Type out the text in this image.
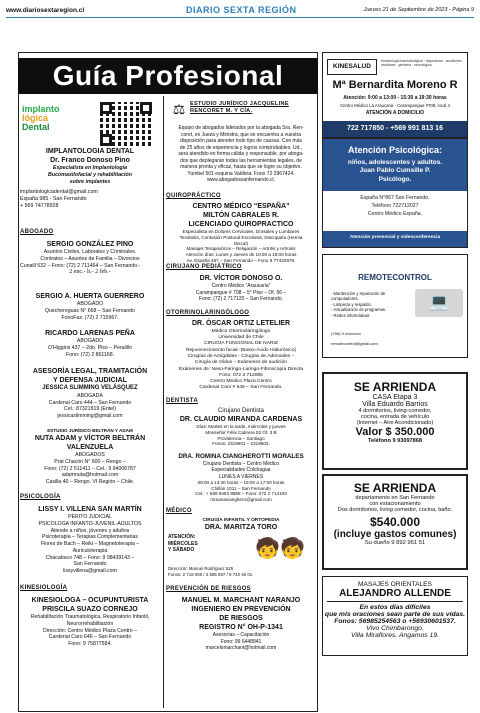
www.diariosextaregion.cl	DIARIO SEXTA REGIÓN	Jueves 21 de Septiembre de 2023 - Página 9
Guía Profesional
implanto
lógica
Dental
IMPLANTOLOGIA DENTAL
Dr. Franco Donoso Pino
Especialista en Implantología
Bucomaxilofacial y rehabilitación
sobre implantes
implantologicadental@gmail.com
España 985 - San Fernando
+ 569 74778928
ABOGADO
SERGIO GONZÁLEZ PINO
Asuntos Civiles, Laborales y Criminales.
Contratos – Asuntos de Familia – Divorcios
Cunaill 532 – Fono: (72) 2 711464 – San Fernando.-
2 enc.- h.- 2 feb.-
SERGIO A. HUERTA GUERRERO
ABOGADO
Quechereguas N° 668 – San Fernando
FonoFax: (72) 2 715967.
RICARDO LARENAS PEÑA
ABOGADO
O'Higgins 437 – 2do. Piso – Peralillo
Fono: (72) 2 861168.
ASESORÍA LEGAL, TRAMITACIÓN
Y DEFENSA JUDICIAL
JESSICA SLIMMING VELÁSQUEZ
ABOGADA
Cardenal Caro 444 – San Fernando
Cel.: 87321819 (Entel)
jessicaslimming@gmail.com
ESTUDIO JURÍDICO BELTRÁN Y ADAM
NUTA ADAM y VÍCTOR BELTRÁN
VALENZUELA
ABOGADOS
Prat Chacón N° 600 – Rengo –
Fono: (72) 2 511411 – Cel.: 9 94006787
adamnuta@hotmail.com
Casilla 40 – Rengo. VI Región – Chile.
PSICOLOGÍA
LISSY I. VILLENA SAN MARTÍN
PERITO JUDICIAL
PSICOLOGA INFANTO-JUVENIL-ADULTOS
Atiende a niños, jóvenes y adultos
Psicoterapia – Terapias Complementarias
Flores de Bach – Reiki – Magnetoterapia –
Auriculoterapia
Chacabuco 748 – Fono: 9 98439143 –
San Fernando
lissyvillena@gmail.com
KINESIOLOGÍA
KINESIOLOGA – OCUPUNTURISTA
PRISCILA SUAZO CORNEJO
Rehabilitación Traumatológica, Respiratorio Infantil,
Neurorrehabilitación
Dirección: Centro Médico Plaza Centro –
Cardenal Caro 646 – San Fernando
Fono: 9 75877584.
⚖ ESTUDIO JURÍDICO JACQUELINE RENCORET M. Y CÍA.
Equipo de abogados liderados por la abogada Sra. Ren-
coret, ex Jueza y Ministra, que se encuentra a vuestra
disposición para atender todo tipo de causas. Con más
de 25 años de experiencia y logros comprobables. Ud.,
será atendido en forma cálida y responsable, por aboga-
dos que deplegaran todas las herramientas legales, de
manera pronta y eficaz, hasta que se logre su objetivo.
Yumbel 501 esquina Valdivia. Fono 72 2967424.
www.abogadossanfernando.cl.
QUIROPRÁCTICO
CENTRO MÉDICO “ESPAÑA”
MILTÓN CABRALES R.
LICENCIADO QUIROPRACTICO
Especialista en Dolores Cervicales, Dorsales y Lumbares
Tendinitis, Contusión Postural Escoliosis, Discopatía (Hernia
Discal)
Masajes Terapéuticos – Relajación – Artritis y Artrosis
Atención días: Lunes y Jueves de 10:00 a 18:00 horas
Av. España 467 – San Fernando – Fono 9 77432979.
CIRUJANO PEDIÁTRICO
DR. VÍCTOR DONOSO O.
Centro Médico “Araucaria”
Carampangue # 708 – 5° Piso – Of. 56 –
Fono: (72) 2 717120 – San Fernando.
OTORRINOLARINGÓLOGO
DR. ÓSCAR ORTIZ LETELIER
Médico Otorrinolaringólogo
Universidad de Chile
CIRUGÍA FUNCIONAL DE NARIZ
Rejuvenecimiento facial -(Botox-Ácido Hialurónico)
Cirugías de Amígdalas - Cirugías de Adenoides –
Cirugía de Oídos – Exámenes de audición
Exámenes de: Naso-Faringo-Laringo-Fibroscopía Directa
Fono: 072 2 712085
Centro Médico Plaza Centro
Cardenal Caro # 646 – San Fernando.
DENTISTA
Cirujano Dentista
DR. CLAUDIO MIRANDA CARDENAS
Días: Martes en la tarde, miércoles y jueves
Monseñor Félix Cabrera 02 Of. 3 B
Providencia – Santiago
Fonos: 2319601 – 2319603.
DRA. ROMINA CIANGHEROTTI MORALES
Cirujano Dentista – Centro Médico
Especialidades Colchagua
LUNES A VIERNES
09:00 a 13:30 horas – 16:00 a 17:00 horas
Chillán 1011 – San Fernando
Cel.: + 569 9453 9888 – Fono: 072 2 714100
romanacianghero@gmail.com
MÉDICO
CIRUGÍA INFANTIL Y ORTOPEDIA
DRA. MARITZA TORO
ATENCIÓN:
MIÉRCOLES
Y SÁBADO	🧒🧒
Dirección: Manuel Rodríguez 525
Fonos: 2 718 050 / 2 585 597 / 9 742 46 01
PREVENCIÓN DE RIESGOS
MANUEL M. MARCHANT NARANJO
INGENIERO EN PREVENCIÓN
DE RIESGOS
REGISTRO N° OH-P-1341
Asesorías – Capacitación
Fono: 99 6448841
marcelomarchant@hotmail.com
KINESALUD
Kinesiología traumatológica · respiratoria · accidentes escolares · geriatría · neurológica
Mª Bernardita Moreno R
Atención: 9:00 a 13:00 - 15:30 a 19:30 horas
Centro Médico La Araucaria - Carampangue #708, local 4
ATENCIÓN A DOMICILIO
722 717850 - +569 991 813 16
Atención Psicológica:
niños, adolescentes y adultos.
Juan Pablo Cumsille P.
Psicólogo.
España N°867 San Fernando.
Teléfono 722712027
Centro Médico España.
Atención presencial y videoconferencia
REMOTECONTROL
- Mantención y reparación de computadores.
- Limpieza y respaldo.
- Actualización de programas.
- Redes informáticas
💻
(+56) 9 xxxxxxxx
remotecontrol@gmail.com
SE ARRIENDA
CASA Etapa 3
Villa Eduardo Barrios
4 dormitorios, living-comedor,
cocina, entrada de vehículo
(Internet – Aire Acondicionado)
Valor $ 350.000
Teléfono 9 93097868
SE ARRIENDA
departamento en San Fernando
con estacionamiento
Dos dormitorios, living comedor, cocina, baño.
$540.000
(incluye gastos comunes)
Su dueño 9 892 961 51
MASAJES ORIENTALES
ALEJANDRO ALLENDE
En estos días difíciles
que mis oraciones sean parte de sus vidas.
Fonos: 56985254563 o +56930601537.
Vivo Chimbarongo.
Villa Miraflores. Angamos 19.
